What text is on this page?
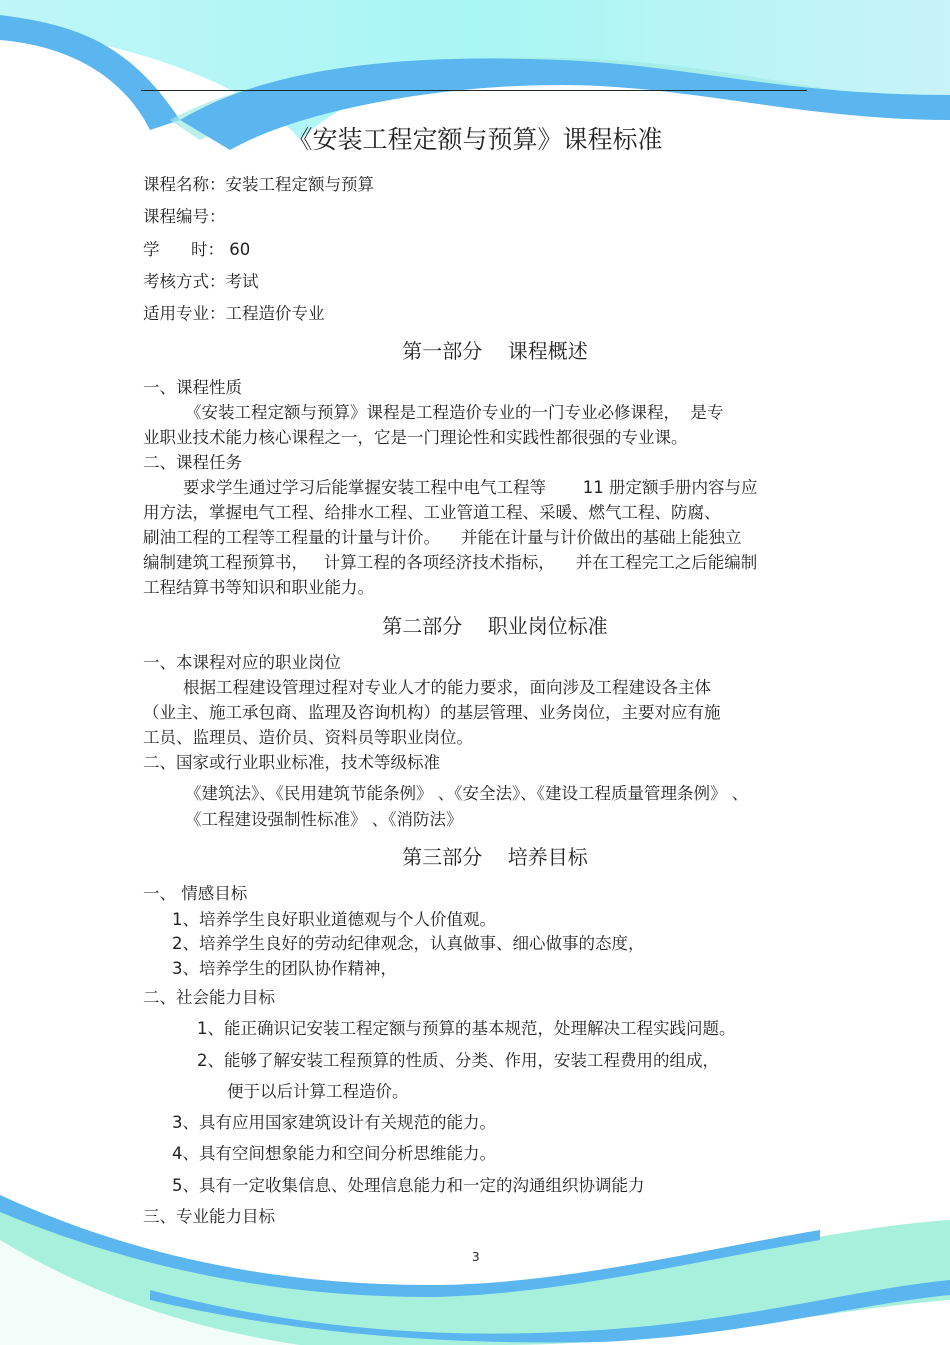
《安装工程定额与预算》课程标准
课程名称：安装工程定额与预算
课程编号：
学      时： 60
考核方式：考试
适用专业：工程造价专业
第一部分    课程概述
一、课程性质
《安装工程定额与预算》课程是工程造价专业的一门专业必修课程，  是专
业职业技术能力核心课程之一，它是一门理论性和实践性都很强的专业课。
二、课程任务
要求学生通过学习后能掌握安装工程中电气工程等       11 册定额手册内容与应
用方法，掌握电气工程、给排水工程、工业管道工程、采暖、燃气工程、防腐、
刷油工程的工程等工程量的计量与计价。    并能在计量与计价做出的基础上能独立
编制建筑工程预算书，   计算工程的各项经济技术指标，    并在工程完工之后能编制
工程结算书等知识和职业能力。
第二部分    职业岗位标准
一、本课程对应的职业岗位
根据工程建设管理过程对专业人才的能力要求，面向涉及工程建设各主体
（业主、施工承包商、监理及咨询机构）的基层管理、业务岗位，主要对应有施
工员、监理员、造价员、资料员等职业岗位。
二、国家或行业职业标准，技术等级标准
《建筑法》、《民用建筑节能条例》 、《安全法》、《建设工程质量管理条例》 、
《工程建设强制性标准》 、《消防法》
第三部分    培养目标
一、 情感目标
1、培养学生良好职业道德观与个人价值观。
2、培养学生良好的劳动纪律观念，认真做事、细心做事的态度，
3、培养学生的团队协作精神，
二、社会能力目标
1、能正确识记安装工程定额与预算的基本规范，处理解决工程实践问题。
2、能够了解安装工程预算的性质、分类、作用，安装工程费用的组成，
便于以后计算工程造价。
3、具有应用国家建筑设计有关规范的能力。
4、具有空间想象能力和空间分析思维能力。
5、具有一定收集信息、处理信息能力和一定的沟通组织协调能力
三、专业能力目标
3
